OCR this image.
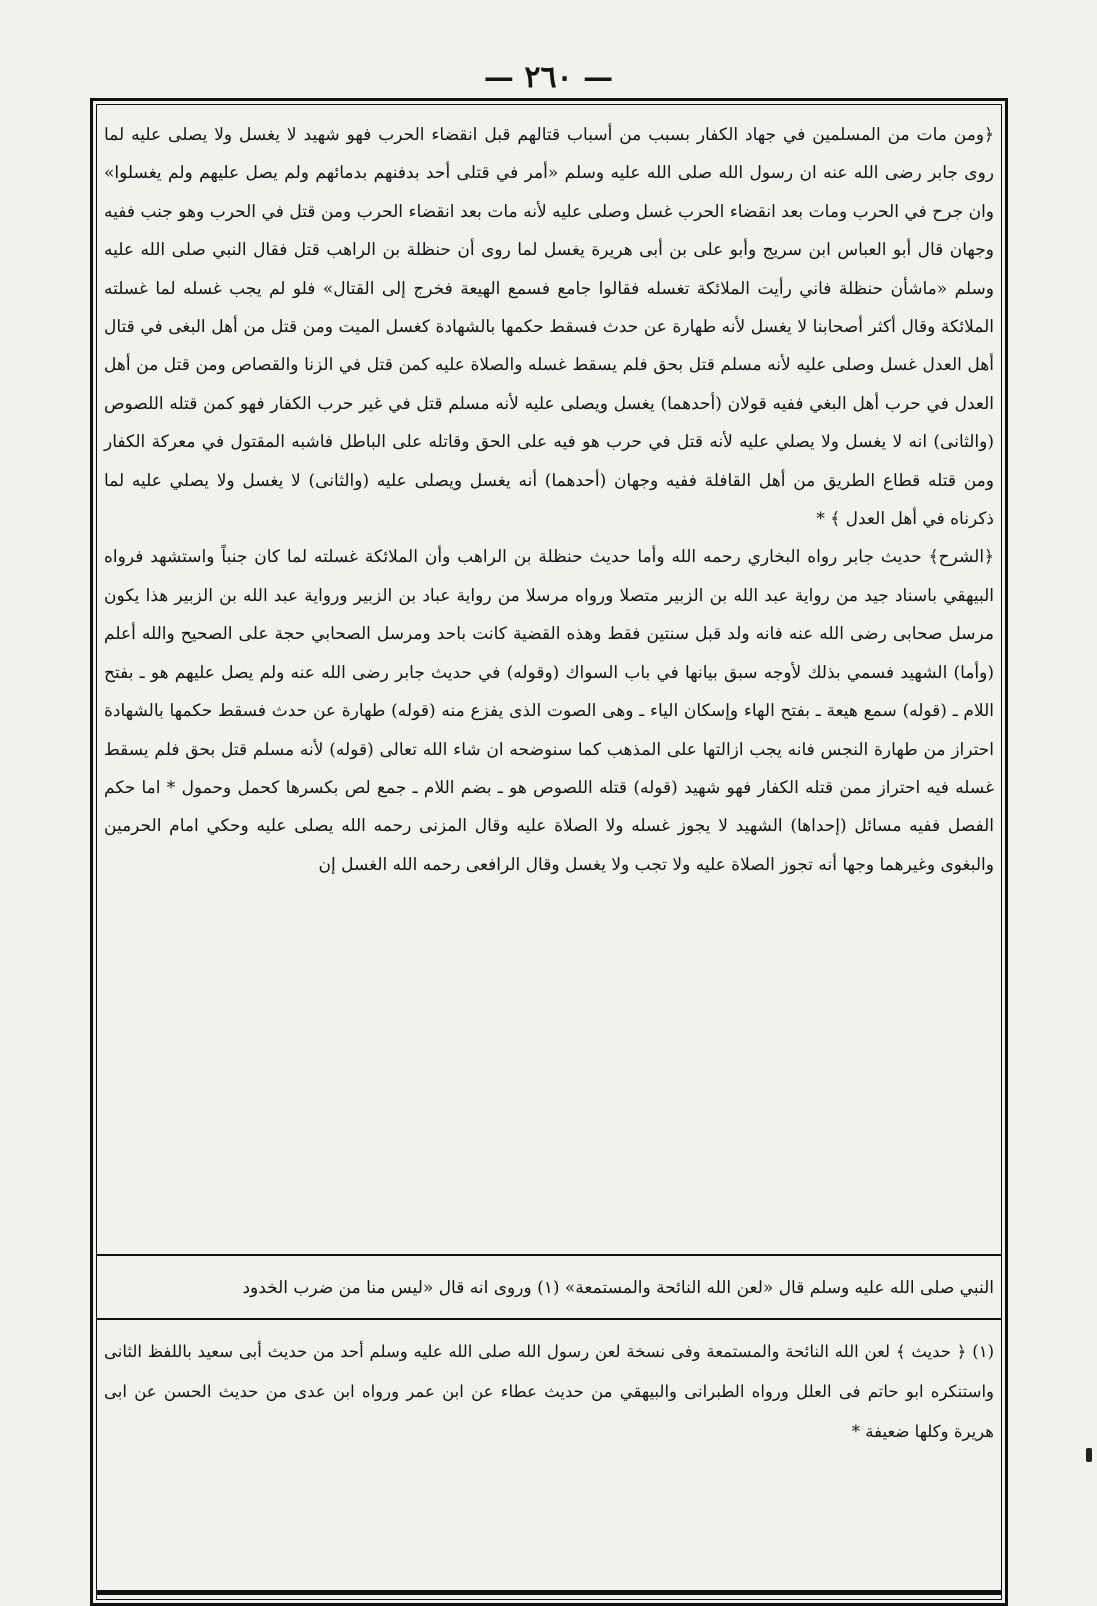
— ٢٦٠ —

﴿ومن مات من المسلمين في جهاد الكفار بسبب من أسباب قتالهم قبل انقضاء الحرب فهو شهيد لا يغسل ولا يصلى عليه لما روى جابر رضى الله عنه ان رسول الله صلى الله عليه وسلم «أمر في قتلى أحد بدفنهم بدمائهم ولم يصل عليهم ولم يغسلوا» وان جرح في الحرب ومات بعد انقضاء الحرب غسل وصلى عليه لأنه مات بعد انقضاء الحرب ومن قتل في الحرب وهو جنب ففيه وجهان قال أبو العباس ابن سريج وأبو على بن أبى هريرة يغسل لما روى أن حنظلة بن الراهب قتل فقال النبي صلى الله عليه وسلم «ماشأن حنظلة فاني رأيت الملائكة تغسله فقالوا جامع فسمع الهيعة فخرج إلى القتال» فلو لم يجب غسله لما غسلته الملائكة وقال أكثر أصحابنا لا يغسل لأنه طهارة عن حدث فسقط حكمها بالشهادة كغسل الميت ومن قتل من أهل البغى في قتال أهل العدل غسل وصلى عليه لأنه مسلم قتل بحق فلم يسقط غسله والصلاة عليه كمن قتل في الزنا والقصاص ومن قتل من أهل العدل في حرب أهل البغي ففيه قولان (أحدهما) يغسل ويصلى عليه لأنه مسلم قتل في غير حرب الكفار فهو كمن قتله اللصوص (والثانى) انه لا يغسل ولا يصلي عليه لأنه قتل في حرب هو فيه على الحق وقاتله على الباطل فاشبه المقتول في معركة الكفار ومن قتله قطاع الطريق من أهل القافلة ففيه وجهان (أحدهما) أنه يغسل ويصلى عليه (والثانى) لا يغسل ولا يصلي عليه لما ذكرناه في أهل العدل ﴾ *

﴿الشرح﴾ حديث جابر رواه البخاري رحمه الله وأما حديث حنظلة بن الراهب وأن الملائكة غسلته لما كان جنباً واستشهد فرواه البيهقي باسناد جيد من رواية عبد الله بن الزبير متصلا ورواه مرسلا من رواية عباد بن الزبير ورواية عبد الله بن الزبير هذا يكون مرسل صحابى رضى الله عنه فانه ولد قبل سنتين فقط وهذه القضية كانت باحد ومرسل الصحابي حجة على الصحيح والله أعلم (وأما) الشهيد فسمي بذلك لأوجه سبق بيانها في باب السواك (وقوله) في حديث جابر رضى الله عنه ولم يصل عليهم هو ـ بفتح اللام ـ (قوله) سمع هيعة ـ بفتح الهاء وإسكان الياء ـ وهى الصوت الذى يفزع منه (قوله) طهارة عن حدث فسقط حكمها بالشهادة احتراز من طهارة النجس فانه يجب ازالتها على المذهب كما سنوضحه ان شاء الله تعالى (قوله) لأنه مسلم قتل بحق فلم يسقط غسله فيه احتراز ممن قتله الكفار فهو شهيد (قوله) قتله اللصوص هو ـ بضم اللام ـ جمع لص بكسرها كحمل وحمول * اما حكم الفصل ففيه مسائل (إحداها) الشهيد لا يجوز غسله ولا الصلاة عليه وقال المزنى رحمه الله يصلى عليه وحكي امام الحرمين والبغوى وغيرهما وجها أنه تجوز الصلاة عليه ولا تجب ولا يغسل وقال الرافعى رحمه الله الغسل إن

النبي صلى الله عليه وسلم قال «لعن الله النائحة والمستمعة» (١) وروى انه قال «ليس منا من ضرب الخدود

(١) ﴿ حديث ﴾ لعن الله النائحة والمستمعة وفى نسخة لعن رسول الله صلى الله عليه وسلم أحد من حديث أبى سعيد باللفظ الثانى واستنكره ابو حاتم فى العلل ورواه الطبرانى والبيهقي من حديث عطاء عن ابن عمر ورواه ابن عدى من حديث الحسن عن ابى هريرة وكلها ضعيفة *
